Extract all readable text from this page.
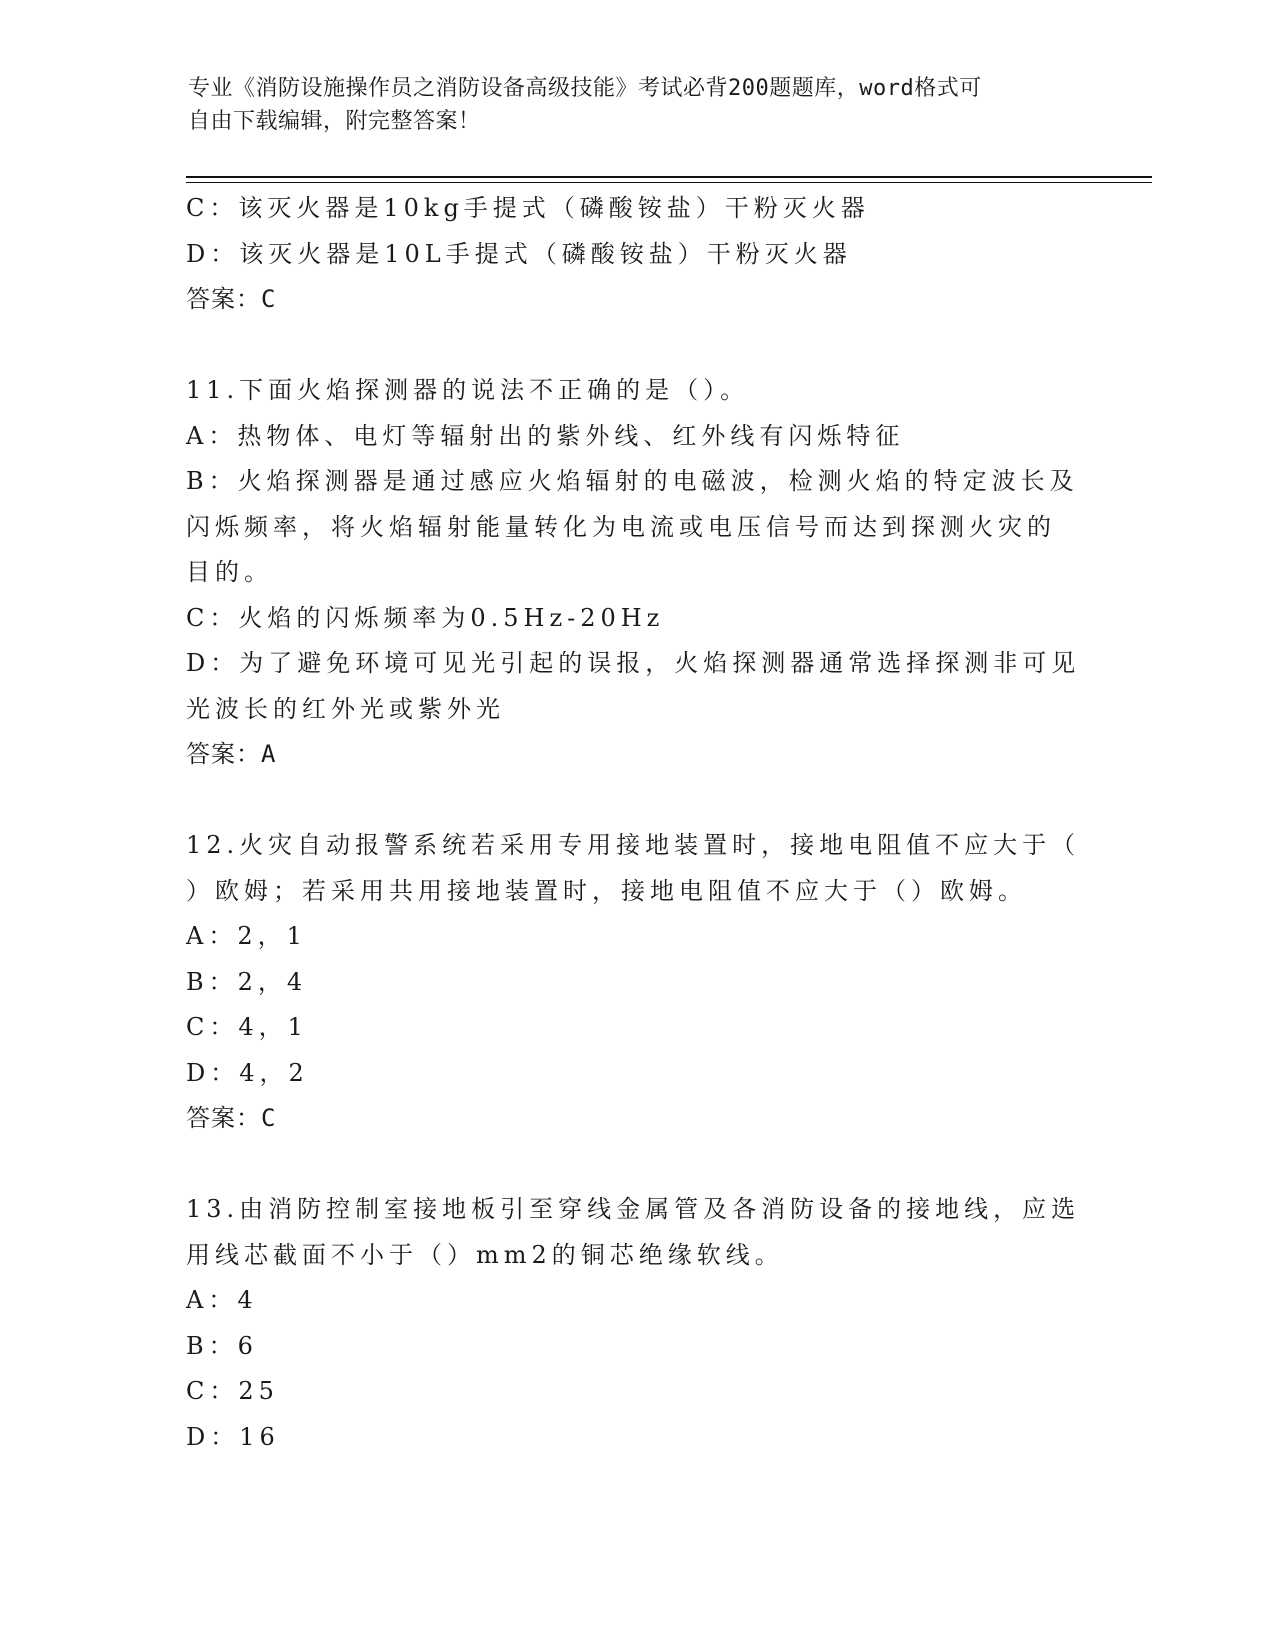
专业《消防设施操作员之消防设备高级技能》考试必背200题题库，word格式可
自由下载编辑，附完整答案！
C：该灭火器是10kg手提式（磷酸铵盐）干粉灭火器
D：该灭火器是10L手提式（磷酸铵盐）干粉灭火器
答案：C
11.下面火焰探测器的说法不正确的是（）。
A：热物体、电灯等辐射出的紫外线、红外线有闪烁特征
B：火焰探测器是通过感应火焰辐射的电磁波，检测火焰的特定波长及
闪烁频率，将火焰辐射能量转化为电流或电压信号而达到探测火灾的
目的。
C：火焰的闪烁频率为0.5Hz-20Hz
D：为了避免环境可见光引起的误报，火焰探测器通常选择探测非可见
光波长的红外光或紫外光
答案：A
12.火灾自动报警系统若采用专用接地装置时，接地电阻值不应大于（
）欧姆；若采用共用接地装置时，接地电阻值不应大于（）欧姆。
A：2，1
B：2，4
C：4，1
D：4，2
答案：C
13.由消防控制室接地板引至穿线金属管及各消防设备的接地线，应选
用线芯截面不小于（）mm2的铜芯绝缘软线。
A：4
B：6
C：25
D：16
